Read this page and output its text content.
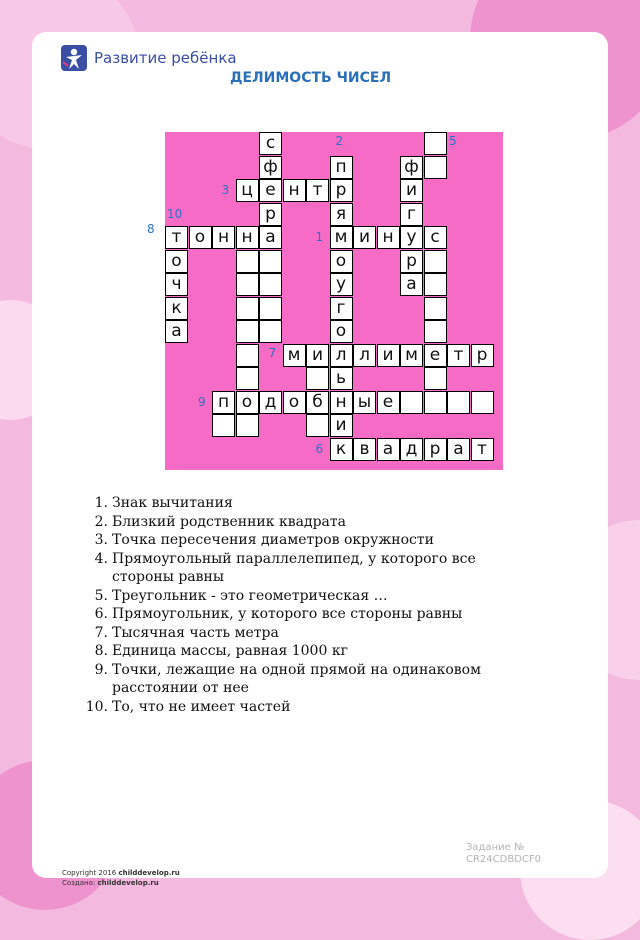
Развитие ребёнка
ДЕЛИМОСТЬ ЧИСЕЛ
о
п
с
е
и
б
е
р
а
ц	н т р
т о н н	м и н у
м	л л и м	т р
д о	н ы е
к в а д р а т
с
ф	п
я
о
у
г
о
ь
и
ф
и
г
р
а
о
ч
к
а
1
2
3
5
6
7
8
9
10
1. Знак вычитания
2. Близкий родственник квадрата
3. Точка пересечения диаметров окружности
4. Прямоугольный параллелепипед, у которого все стороны равны
5. Треугольник - это геометрическая …
6. Прямоугольник, у которого все стороны равны
7. Тысячная часть метра
8. Единица массы, равная 1000 кг
9. Точки, лежащие на одной прямой на одинаковом расстоянии от нее
10. То, что не имеет частей
Задание №
CR24CDBDCF0
Copyright 2016 childdevelop.ru
Создано: childdevelop.ru
